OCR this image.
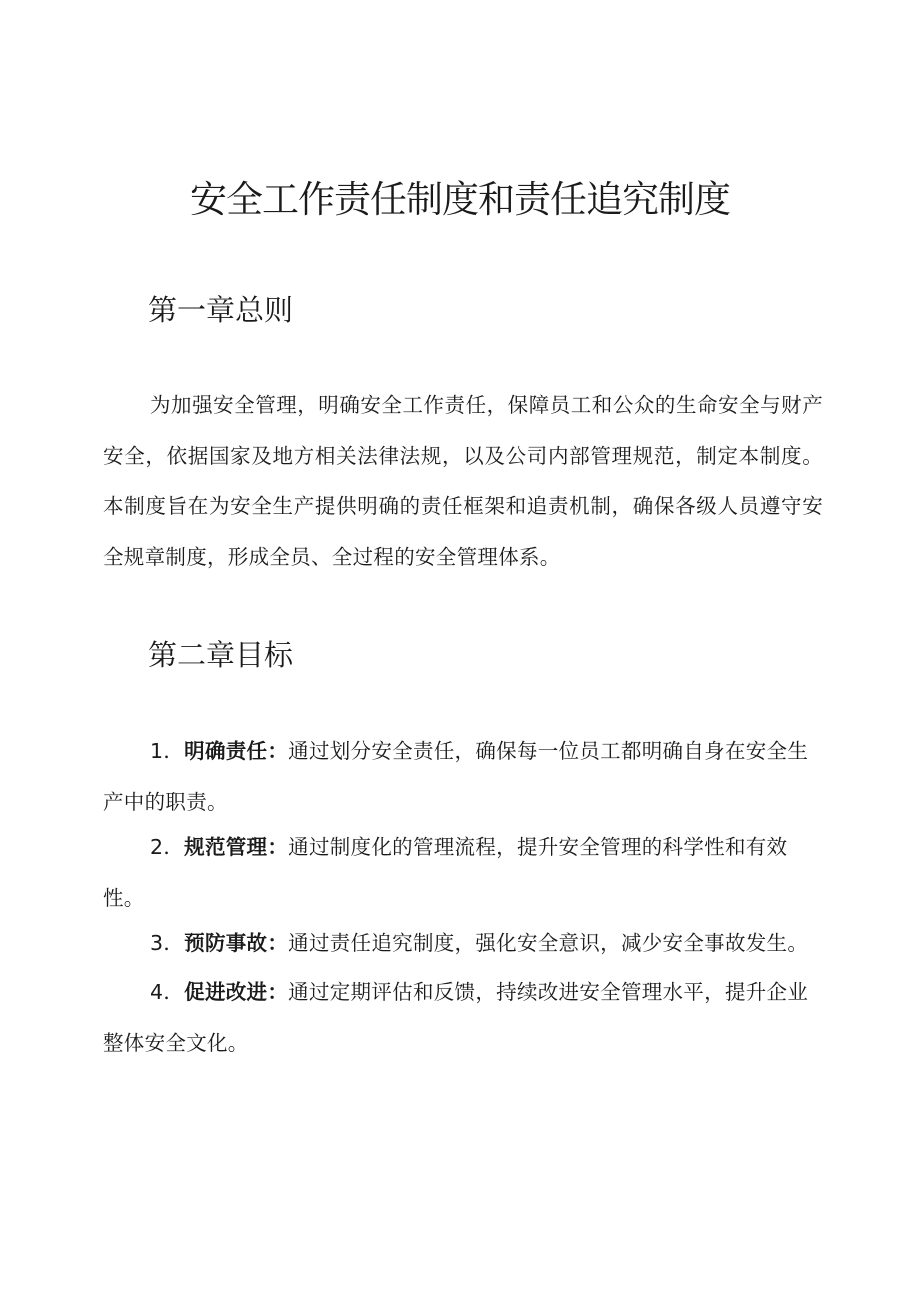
安全工作责任制度和责任追究制度
第一章总则

为加强安全管理，明确安全工作责任，保障员工和公众的生命安全与财产安全，依据国家及地方相关法律法规，以及公司内部管理规范，制定本制度。本制度旨在为安全生产提供明确的责任框架和追责机制，确保各级人员遵守安全规章制度，形成全员、全过程的安全管理体系。

第二章目标

1．明确责任：通过划分安全责任，确保每一位员工都明确自身在安全生产中的职责。

2．规范管理：通过制度化的管理流程，提升安全管理的科学性和有效性。

3．预防事故：通过责任追究制度，强化安全意识，减少安全事故发生。

4．促进改进：通过定期评估和反馈，持续改进安全管理水平，提升企业整体安全文化。
